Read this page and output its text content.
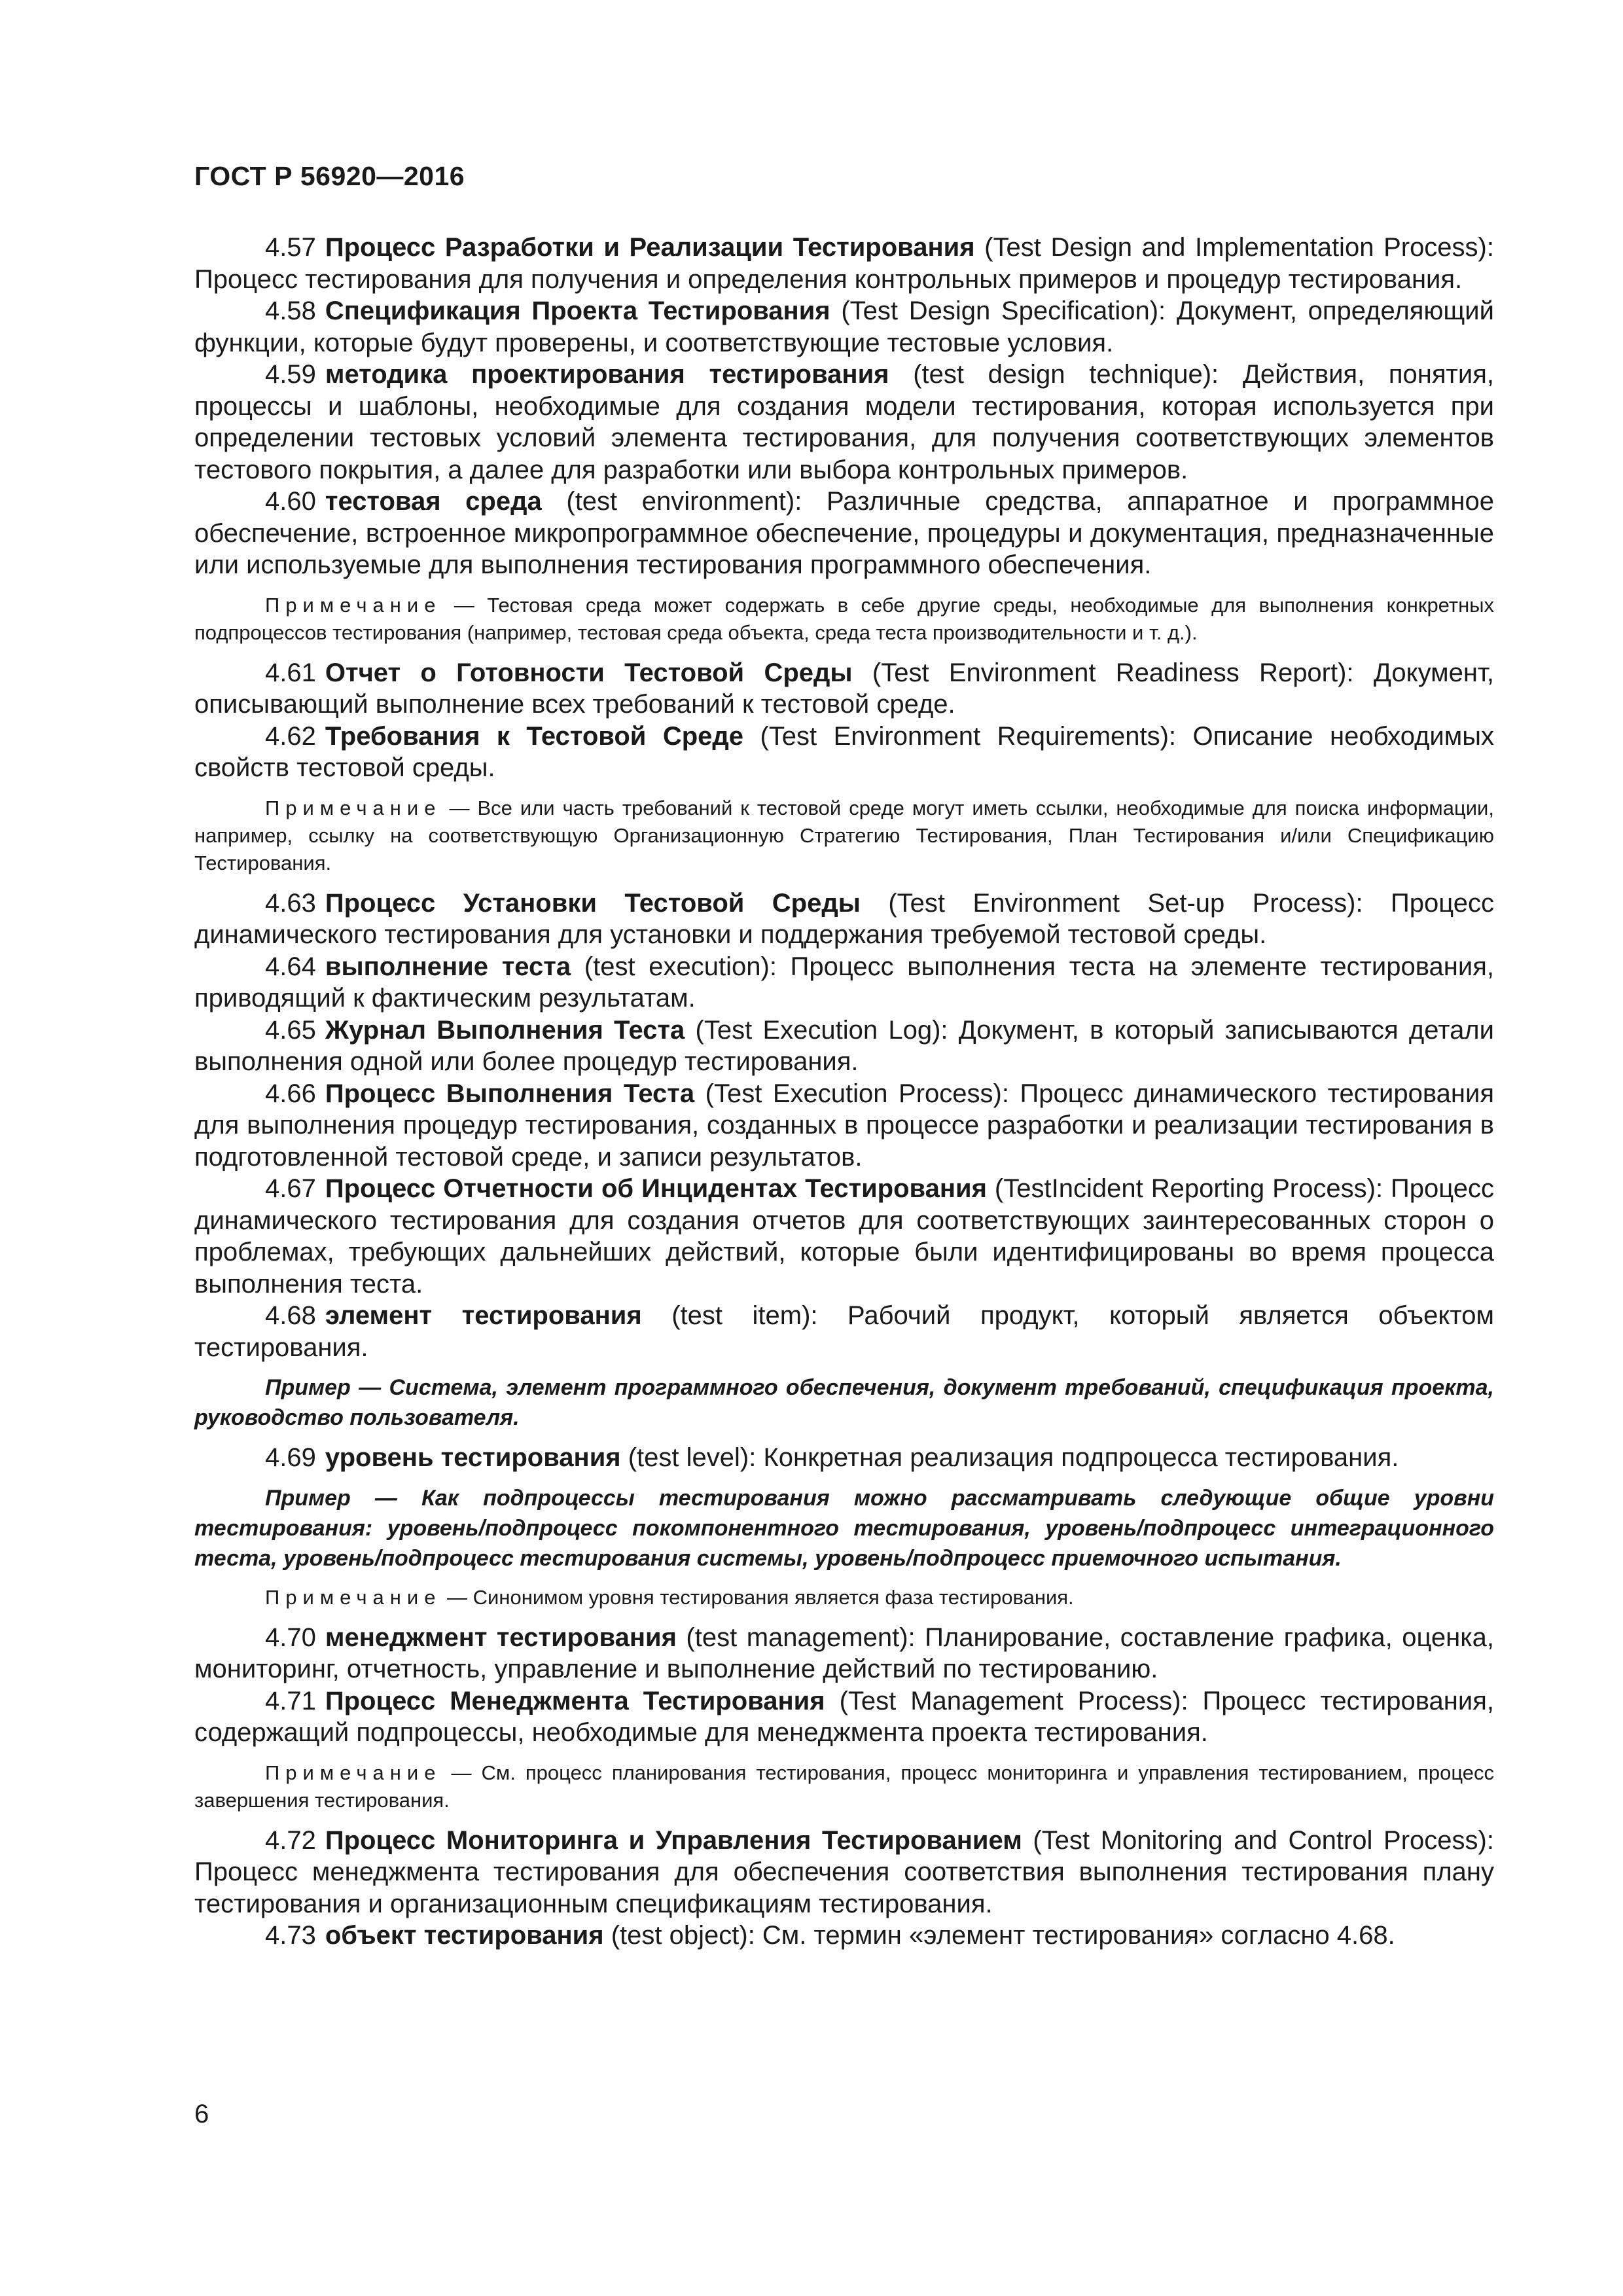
ГОСТ Р 56920—2016

4.57 Процесс Разработки и Реализации Тестирования (Test Design and Implementation Process): Процесс тестирования для получения и определения контрольных примеров и процедур тестирования.

4.58 Спецификация Проекта Тестирования (Test Design Specification): Документ, определяющий функции, которые будут проверены, и соответствующие тестовые условия.

4.59 методика проектирования тестирования (test design technique): Действия, понятия, процессы и шаблоны, необходимые для создания модели тестирования, которая используется при определении тестовых условий элемента тестирования, для получения соответствующих элементов тестового покрытия, а далее для разработки или выбора контрольных примеров.

4.60 тестовая среда (test environment): Различные средства, аппаратное и программное обеспечение, встроенное микропрограммное обеспечение, процедуры и документация, предназначенные или используемые для выполнения тестирования программного обеспечения.

Примечание — Тестовая среда может содержать в себе другие среды, необходимые для выполнения конкретных подпроцессов тестирования (например, тестовая среда объекта, среда теста производительности и т. д.).

4.61 Отчет о Готовности Тестовой Среды (Test Environment Readiness Report): Документ, описывающий выполнение всех требований к тестовой среде.

4.62 Требования к Тестовой Среде (Test Environment Requirements): Описание необходимых свойств тестовой среды.

Примечание — Все или часть требований к тестовой среде могут иметь ссылки, необходимые для поиска информации, например, ссылку на соответствующую Организационную Стратегию Тестирования, План Тестирования и/или Спецификацию Тестирования.

4.63 Процесс Установки Тестовой Среды (Test Environment Set-up Process): Процесс динамического тестирования для установки и поддержания требуемой тестовой среды.

4.64 выполнение теста (test execution): Процесс выполнения теста на элементе тестирования, приводящий к фактическим результатам.

4.65 Журнал Выполнения Теста (Test Execution Log): Документ, в который записываются детали выполнения одной или более процедур тестирования.

4.66 Процесс Выполнения Теста (Test Execution Process): Процесс динамического тестирования для выполнения процедур тестирования, созданных в процессе разработки и реализации тестирования в подготовленной тестовой среде, и записи результатов.

4.67 Процесс Отчетности об Инцидентах Тестирования (TestIncident Reporting Process): Процесс динамического тестирования для создания отчетов для соответствующих заинтересованных сторон о проблемах, требующих дальнейших действий, которые были идентифицированы во время процесса выполнения теста.

4.68 элемент тестирования (test item): Рабочий продукт, который является объектом тестирования.

Пример — Система, элемент программного обеспечения, документ требований, спецификация проекта, руководство пользователя.

4.69 уровень тестирования (test level): Конкретная реализация подпроцесса тестирования.

Пример — Как подпроцессы тестирования можно рассматривать следующие общие уровни тестирования: уровень/подпроцесс покомпонентного тестирования, уровень/подпроцесс интеграционного теста, уровень/подпроцесс тестирования системы, уровень/подпроцесс приемочного испытания.

Примечание — Синонимом уровня тестирования является фаза тестирования.

4.70 менеджмент тестирования (test management): Планирование, составление графика, оценка, мониторинг, отчетность, управление и выполнение действий по тестированию.

4.71 Процесс Менеджмента Тестирования (Test Management Process): Процесс тестирования, содержащий подпроцессы, необходимые для менеджмента проекта тестирования.

Примечание — См. процесс планирования тестирования, процесс мониторинга и управления тестированием, процесс завершения тестирования.

4.72 Процесс Мониторинга и Управления Тестированием (Test Monitoring and Control Process): Процесс менеджмента тестирования для обеспечения соответствия выполнения тестирования плану тестирования и организационным спецификациям тестирования.

4.73 объект тестирования (test object): См. термин «элемент тестирования» согласно 4.68.

6
